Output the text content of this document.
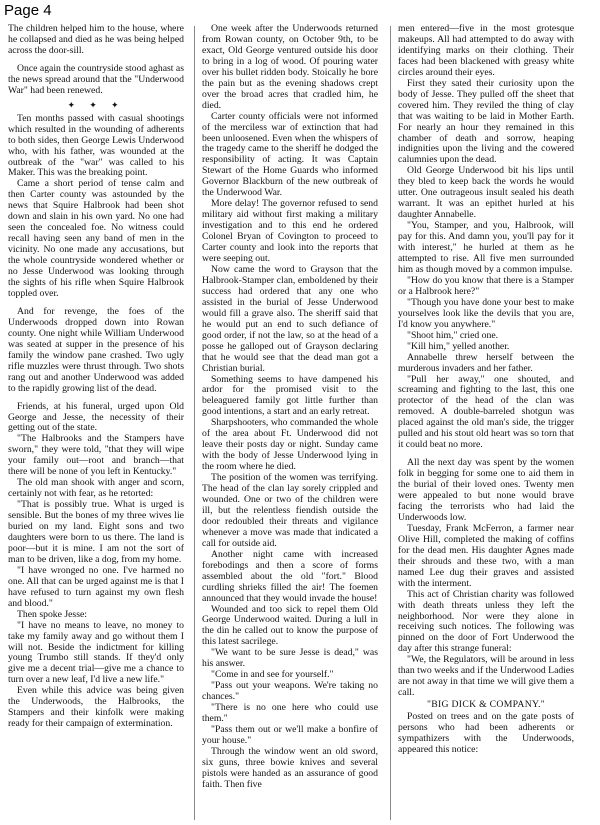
Page 4

The children helped him to the house, where he collapsed and died as he was being helped across the door-sill.

Once again the countryside stood aghast as the news spread around that the "Underwood War" had been renewed.

✦ ✦ ✦

Ten months passed with casual shootings which resulted in the wounding of adherents to both sides, then George Lewis Underwood who, with his father, was wounded at the outbreak of the "war" was called to his Maker. This was the breaking point.

Came a short period of tense calm and then Carter county was astounded by the news that Squire Halbrook had been shot down and slain in his own yard. No one had seen the concealed foe. No witness could recall having seen any band of men in the vicinity. No one made any accusations, but the whole countryside wondered whether or no Jesse Underwood was looking through the sights of his rifle when Squire Halbrook toppled over.

And for revenge, the foes of the Underwoods dropped down into Rowan county. One night while William Underwood was seated at supper in the presence of his family the window pane crashed. Two ugly rifle muzzles were thrust through. Two shots rang out and another Underwood was added to the rapidly growing list of the dead.

Friends, at his funeral, urged upon Old George and Jesse, the necessity of their getting out of the state.

"The Halbrooks and the Stampers have sworn," they were told, "that they will wipe your family out—root and branch—that there will be none of you left in Kentucky."

The old man shook with anger and scorn, certainly not with fear, as he retorted:

"That is possibly true. What is urged is sensible. But the bones of my three wives lie buried on my land. Eight sons and two daughters were born to us there. The land is poor—but it is mine. I am not the sort of man to be driven, like a dog, from my home.

"I have wronged no one. I've harmed no one. All that can be urged against me is that I have refused to turn against my own flesh and blood."

Then spoke Jesse:

"I have no means to leave, no money to take my family away and go without them I will not. Beside the indictment for killing young Trumbo still stands. If they'd only give me a decent trial—give me a chance to turn over a new leaf, I'd live a new life."

Even while this advice was being given the Underwoods, the Halbrooks, the Stampers and their kinfolk were making ready for their campaign of extermination.

One week after the Underwoods returned from Rowan county, on October 9th, to be exact, Old George ventured outside his door to bring in a log of wood. Of pouring water over his bullet ridden body. Stoically he bore the pain but as the evening shadows crept over the broad acres that cradled him, he died.

Carter county officials were not informed of the merciless war of extinction that had been unloosened. Even when the whispers of the tragedy came to the sheriff he dodged the responsibility of acting. It was Captain Stewart of the Home Guards who informed Governor Blackburn of the new outbreak of the Underwood War.

More delay! The governor refused to send military aid without first making a military investigation and to this end he ordered Colonel Bryan of Covington to proceed to Carter county and look into the reports that were seeping out.

Now came the word to Grayson that the Halbrook-Stamper clan, emboldened by their success had ordered that any one who assisted in the burial of Jesse Underwood would fill a grave also. The sheriff said that he would put an end to such defiance of good order, if not the law, so at the head of a posse he galloped out of Grayson declaring that he would see that the dead man got a Christian burial.

Something seems to have dampened his ardor for the promised visit to the beleaguered family got little further than good intentions, a start and an early retreat.

Sharpshooters, who commanded the whole of the area about Ft. Underwood did not leave their posts day or night. Sunday came with the body of Jesse Underwood lying in the room where he died.

The position of the women was terrifying. The head of the clan lay sorely crippled and wounded. One or two of the children were ill, but the relentless fiendish outside the door redoubled their threats and vigilance whenever a move was made that indicated a call for outside aid.

Another night came with increased forebodings and then a score of forms assembled about the old "fort." Blood curdling shrieks filled the air! The foemen announced that they would invade the house!

Wounded and too sick to repel them Old George Underwood waited. During a lull in the din he called out to know the purpose of this latest sacrilege.

"We want to be sure Jesse is dead," was his answer.

"Come in and see for yourself."

"Pass out your weapons. We're taking no chances."

"There is no one here who could use them."

"Pass them out or we'll make a bonfire of your house."

Through the window went an old sword, six guns, three bowie knives and several pistols were handed as an assurance of good faith. Then five

men entered—five in the most grotesque makeups. All had attempted to do away with identifying marks on their clothing. Their faces had been blackened with greasy white circles around their eyes.

First they sated their curiosity upon the body of Jesse. They pulled off the sheet that covered him. They reviled the thing of clay that was waiting to be laid in Mother Earth. For nearly an hour they remained in this chamber of death and sorrow, heaping indignities upon the living and the cowered calumnies upon the dead.

Old George Underwood bit his lips until they bled to keep back the words he would utter. One outrageous insult sealed his death warrant. It was an epithet hurled at his daughter Annabelle.

"You, Stamper, and you, Halbrook, will pay for this. And damn you, you'll pay for it with interest," he hurled at them as he attempted to rise. All five men surrounded him as though moved by a common impulse.

"How do you know that there is a Stamper or a Halbrook here?"

"Though you have done your best to make yourselves look like the devils that you are, I'd know you anywhere."

"Shoot him," cried one.

"Kill him," yelled another.

Annabelle threw herself between the murderous invaders and her father.

"Pull her away," one shouted, and screaming and fighting to the last, this one protector of the head of the clan was removed. A double-barreled shotgun was placed against the old man's side, the trigger pulled and his stout old heart was so torn that it could beat no more.

All the next day was spent by the women folk in begging for some one to aid them in the burial of their loved ones. Twenty men were appealed to but none would brave facing the terrorists who had laid the Underwoods low.

Tuesday, Frank McFerron, a farmer near Olive Hill, completed the making of coffins for the dead men. His daughter Agnes made their shrouds and these two, with a man named Lee dug their graves and assisted with the interment.

This act of Christian charity was followed with death threats unless they left the neighborhood. Nor were they alone in receiving such notices. The following was pinned on the door of Fort Underwood the day after this strange funeral:

"We, the Regulators, will be around in less than two weeks and if the Underwood Ladies are not away in that time we will give them a call.

"BIG DICK & COMPANY."

Posted on trees and on the gate posts of persons who had been adherents or sympathizers with the Underwoods, appeared this notice:
